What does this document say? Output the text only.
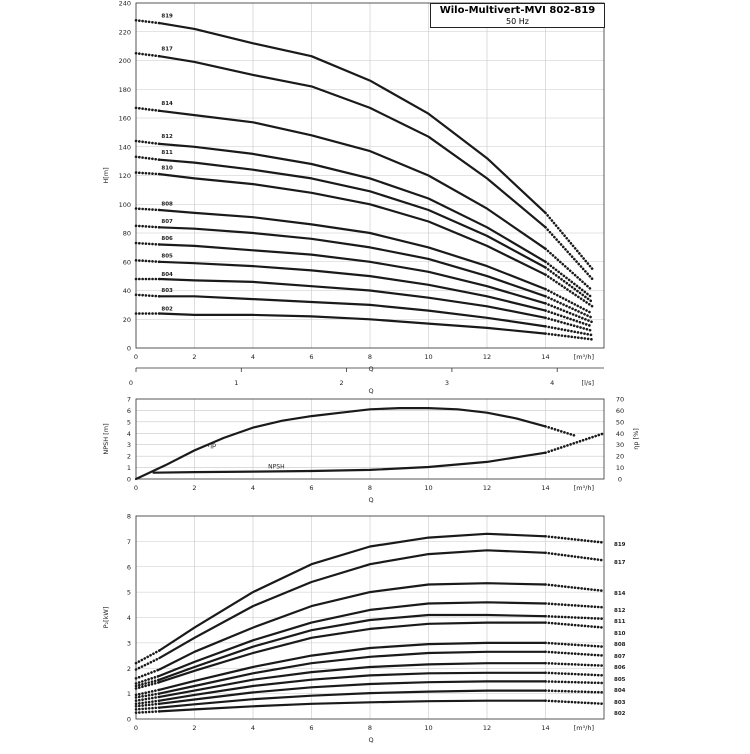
0	2	4	6	8	10	12	14
0
20
40
60
80
100
120
140
160
180
200
220
240
[m³/h]
Q
H[m]
819
817
814
812
811
810
808
807
806
805
804
803
802
0	1	2	3	4	[l/s]
Q
0	2	4	6	8	10	12	14
0
1
2
3
4
5
6
7
[m³/h]
Q
NPSH [m]
0
10
20
30
40
50
60
70
ηp [%]
ηp
NPSH
0	2	4	6	8	10	12	14
0
1
2
3
4
5
6
7
8
[m³/h]
Q
P₂[kW]
819
817
814
812
811
810
808
807
806
805
804
803
802
Wilo-Multivert-MVI 802-819
50 Hz
